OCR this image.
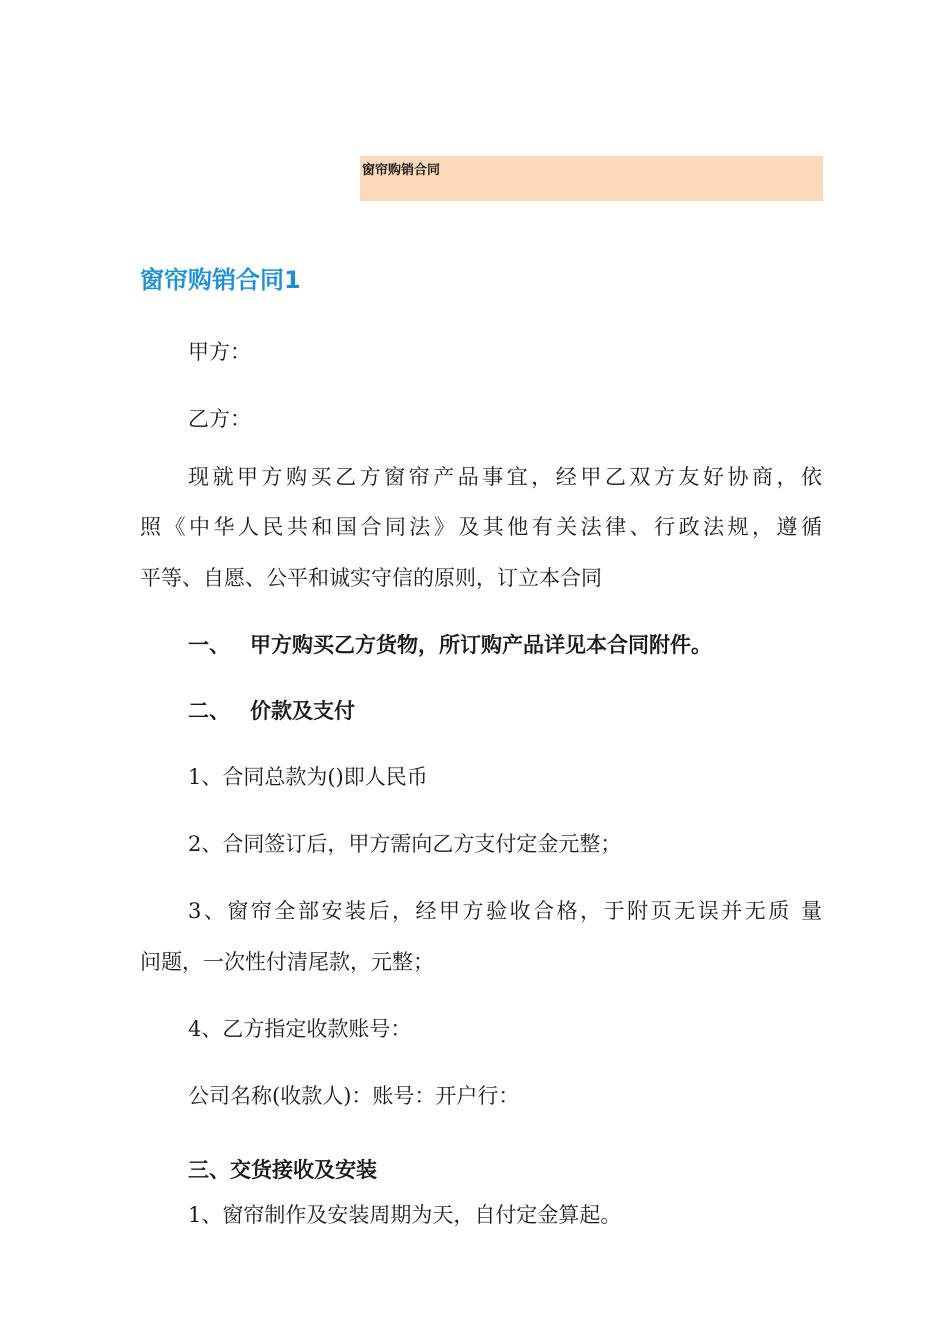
窗帘购销合同
窗帘购销合同1
甲方：
乙方：
现就甲方购买乙方窗帘产品事宜，经甲乙双方友好协商，依
照《中华人民共和国合同法》及其他有关法律、行政法规，遵循
平等、自愿、公平和诚实守信的原则，订立本合同
一、 甲方购买乙方货物，所订购产品详见本合同附件。
二、 价款及支付
1、合同总款为()即人民币
2、合同签订后，甲方需向乙方支付定金元整；
3、窗帘全部安装后，经甲方验收合格，于附页无误并无质 量
问题，一次性付清尾款，元整；
4、乙方指定收款账号：
公司名称(收款人)：账号：开户行：
三、交货接收及安装
1、窗帘制作及安装周期为天，自付定金算起。
